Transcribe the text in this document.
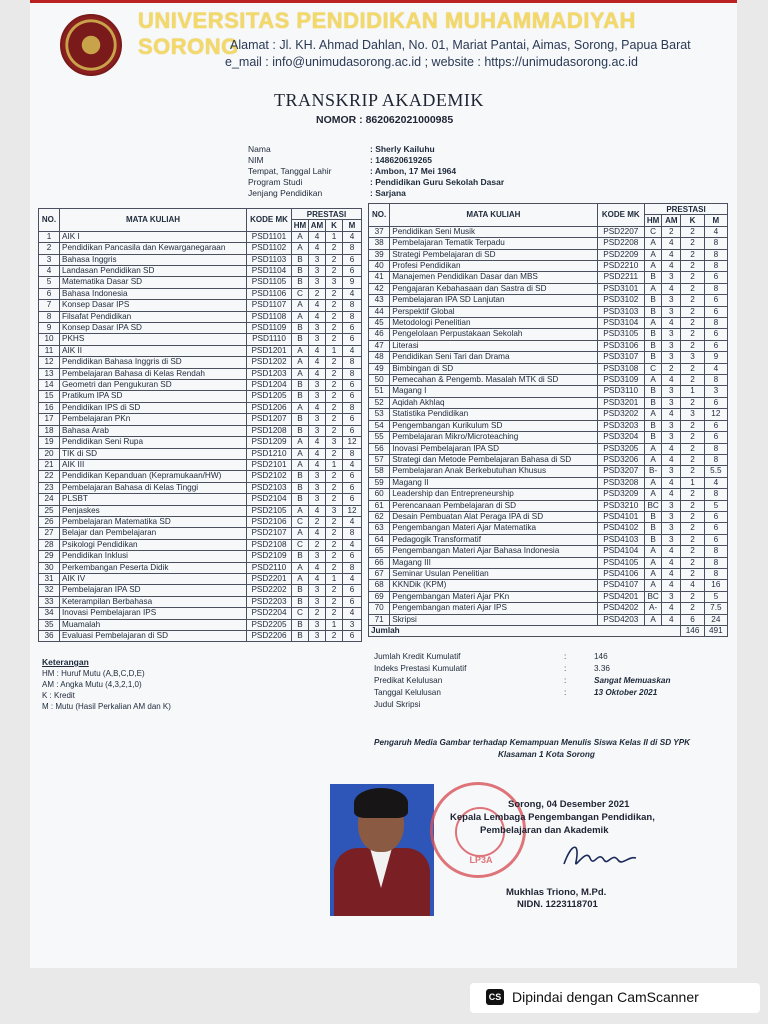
UNIVERSITAS PENDIDIKAN MUHAMMADIYAH SORONG
Alamat : Jl. KH. Ahmad Dahlan, No. 01, Mariat Pantai, Aimas, Sorong, Papua Barat
e_mail : info@unimudasorong.ac.id ; website : https://unimudasorong.ac.id
TRANSKRIP AKADEMIK
NOMOR : 862062021000985
Nama	: Sherly Kailuhu
NIM	: 148620619265
Tempat, Tanggal Lahir	: Ambon, 17 Mei 1964
Program Studi	: Pendidikan Guru Sekolah Dasar
Jenjang Pendidikan	: Sarjana
NO.	MATA KULIAH	KODE MK	PRESTASI			
			HM	AM	K	M
1	AIK I	PSD1101	A	4	1	4
2	Pendidikan Pancasila dan Kewarganegaraan	PSD1102	A	4	2	8
3	Bahasa Inggris	PSD1103	B	3	2	6
4	Landasan Pendidikan SD	PSD1104	B	3	2	6
5	Matematika Dasar SD	PSD1105	B	3	3	9
6	Bahasa Indonesia	PSD1106	C	2	2	4
7	Konsep Dasar IPS	PSD1107	A	4	2	8
8	Filsafat Pendidikan	PSD1108	A	4	2	8
9	Konsep Dasar IPA SD	PSD1109	B	3	2	6
10	PKHS	PSD1110	B	3	2	6
11	AIK II	PSD1201	A	4	1	4
12	Pendidikan Bahasa Inggris di SD	PSD1202	A	4	2	8
13	Pembelajaran Bahasa di Kelas Rendah	PSD1203	A	4	2	8
14	Geometri dan Pengukuran SD	PSD1204	B	3	2	6
15	Pratikum IPA SD	PSD1205	B	3	2	6
16	Pendidikan IPS di SD	PSD1206	A	4	2	8
17	Pembelajaran PKn	PSD1207	B	3	2	6
18	Bahasa Arab	PSD1208	B	3	2	6
19	Pendidikan Seni Rupa	PSD1209	A	4	3	12
20	TIK di SD	PSD1210	A	4	2	8
21	AIK III	PSD2101	A	4	1	4
22	Pendidikan Kepanduan (Kepramukaan/HW)	PSD2102	B	3	2	6
23	Pembelajaran Bahasa di Kelas Tinggi	PSD2103	B	3	2	6
24	PLSBT	PSD2104	B	3	2	6
25	Penjaskes	PSD2105	A	4	3	12
26	Pembelajaran Matematika SD	PSD2106	C	2	2	4
27	Belajar dan Pembelajaran	PSD2107	A	4	2	8
28	Psikologi Pendidikan	PSD2108	C	2	2	4
29	Pendidikan Inklusi	PSD2109	B	3	2	6
30	Perkembangan Peserta Didik	PSD2110	A	4	2	8
31	AIK IV	PSD2201	A	4	1	4
32	Pembelajaran IPA SD	PSD2202	B	3	2	6
33	Keterampilan Berbahasa	PSD2203	B	3	2	6
34	Inovasi Pembelajaran IPS	PSD2204	C	2	2	4
35	Muamalah	PSD2205	B	3	1	3
36	Evaluasi Pembelajaran di SD	PSD2206	B	3	2	6
NO.	MATA KULIAH	KODE MK	PRESTASI			
			HM	AM	K	M
37	Pendidikan Seni Musik	PSD2207	C	2	2	4
38	Pembelajaran Tematik Terpadu	PSD2208	A	4	2	8
39	Strategi Pembelajaran di SD	PSD2209	A	4	2	8
40	Profesi Pendidikan	PSD2210	A	4	2	8
41	Manajemen Pendidikan Dasar dan MBS	PSD2211	B	3	2	6
42	Pengajaran Kebahasaan dan Sastra di SD	PSD3101	A	4	2	8
43	Pembelajaran IPA SD Lanjutan	PSD3102	B	3	2	6
44	Perspektif Global	PSD3103	B	3	2	6
45	Metodologi Penelitian	PSD3104	A	4	2	8
46	Pengelolaan Perpustakaan Sekolah	PSD3105	B	3	2	6
47	Literasi	PSD3106	B	3	2	6
48	Pendidikan Seni Tari dan Drama	PSD3107	B	3	3	9
49	Bimbingan di SD	PSD3108	C	2	2	4
50	Pemecahan & Pengemb. Masalah MTK di SD	PSD3109	A	4	2	8
51	Magang I	PSD3110	B	3	1	3
52	Aqidah Akhlaq	PSD3201	B	3	2	6
53	Statistika Pendidikan	PSD3202	A	4	3	12
54	Pengembangan Kurikulum SD	PSD3203	B	3	2	6
55	Pembelajaran Mikro/Microteaching	PSD3204	B	3	2	6
56	Inovasi Pembelajaran IPA SD	PSD3205	A	4	2	8
57	Strategi dan Metode Pembelajaran Bahasa di SD	PSD3206	A	4	2	8
58	Pembelajaran Anak Berkebutuhan Khusus	PSD3207	B-	3	2	5.5
59	Magang II	PSD3208	A	4	1	4
60	Leadership dan Entrepreneurship	PSD3209	A	4	2	8
61	Perencanaan Pembelajaran di SD	PSD3210	BC	3	2	5
62	Desain Pembuatan Alat Peraga IPA di SD	PSD4101	B	3	2	6
63	Pengembangan Materi Ajar Matematika	PSD4102	B	3	2	6
64	Pedagogik Transformatif	PSD4103	B	3	2	6
65	Pengembangan Materi Ajar Bahasa Indonesia	PSD4104	A	4	2	8
66	Magang III	PSD4105	A	4	2	8
67	Seminar Usulan Penelitian	PSD4106	A	4	2	8
68	KKNDik (KPM)	PSD4107	A	4	4	16
69	Pengembangan Materi Ajar PKn	PSD4201	BC	3	2	5
70	Pengembangan materi Ajar IPS	PSD4202	A-	4	2	7.5
71	Skripsi	PSD4203	A	4	6	24
Jumlah					146	491
Keterangan
HM : Huruf Mutu (A,B,C,D,E)
AM : Angka Mutu (4,3,2,1,0)
K : Kredit
M : Mutu (Hasil Perkalian AM dan K)
Jumlah Kredit Kumulatif	:	146
Indeks Prestasi Kumulatif	:	3.36
Predikat Kelulusan	:	Sangat Memuaskan
Tanggal Kelulusan	:	13 Oktober 2021
Judul Skripsi
Pengaruh Media Gambar terhadap Kemampuan Menulis Siswa Kelas II di SD YPK
Klasaman 1 Kota Sorong
LP3A
Sorong, 04 Desember 2021
Kepala Lembaga Pengembangan Pendidikan,
Pembelajaran dan Akademik
Mukhlas Triono, M.Pd.
NIDN. 1223118701
CS Dipindai dengan CamScanner
